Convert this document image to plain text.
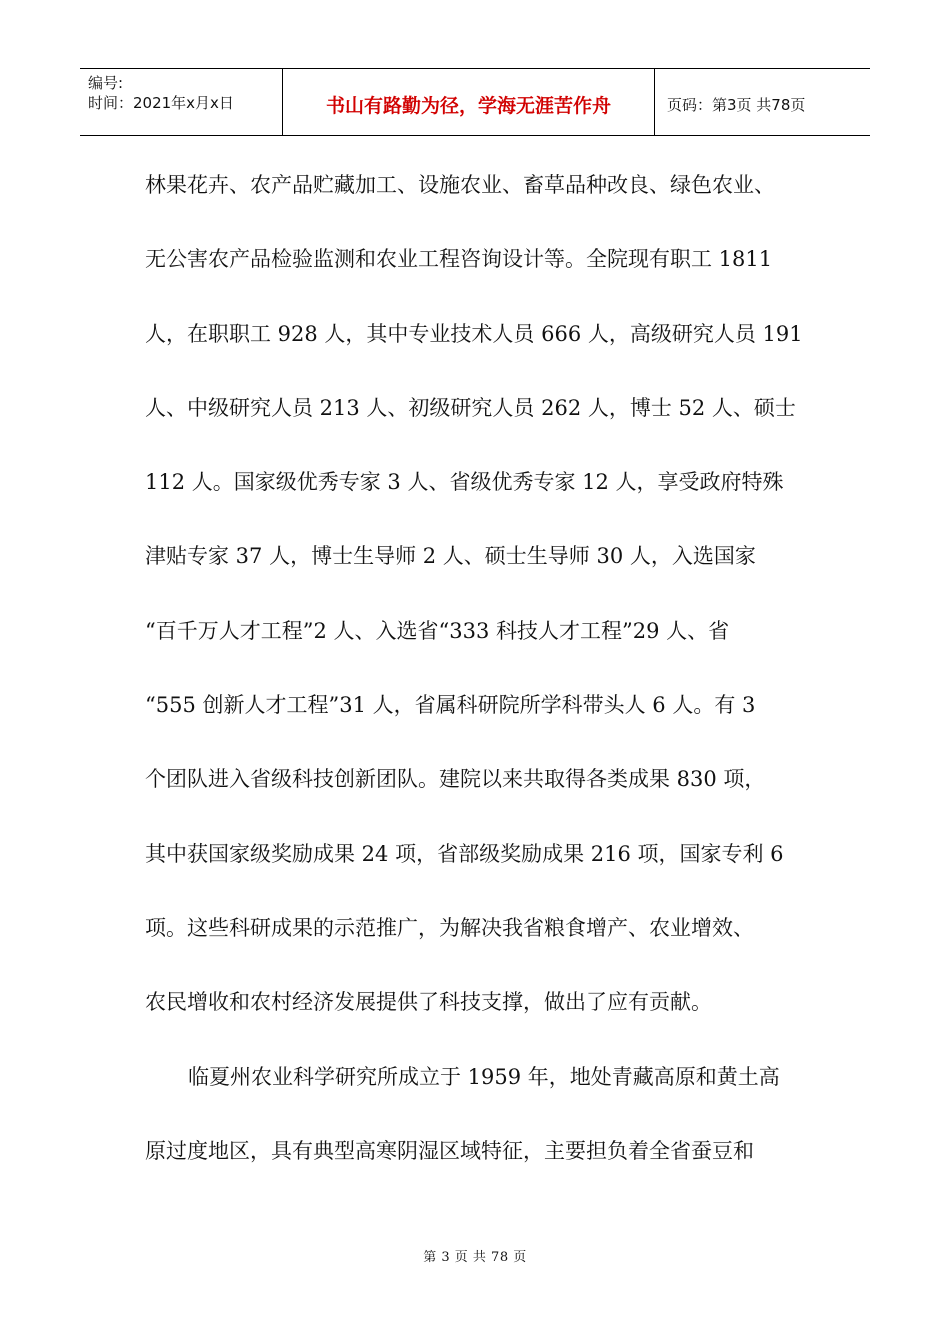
编号:
时间：2021年x月x日	书山有路勤为径，学海无涯苦作舟	页码：第3页 共78页
林果花卉、农产品贮藏加工、设施农业、畜草品种改良、绿色农业、
无公害农产品检验监测和农业工程咨询设计等。全院现有职工 1811
人，在职职工 928 人，其中专业技术人员 666 人，高级研究人员 191
人、中级研究人员 213 人、初级研究人员 262 人，博士 52 人、硕士
112 人。国家级优秀专家 3 人、省级优秀专家 12 人，享受政府特殊
津贴专家 37 人，博士生导师 2 人、硕士生导师 30 人，入选国家
“百千万人才工程”2 人、入选省“333 科技人才工程”29 人、省
“555 创新人才工程”31 人，省属科研院所学科带头人 6 人。有 3
个团队进入省级科技创新团队。建院以来共取得各类成果 830 项，
其中获国家级奖励成果 24 项，省部级奖励成果 216 项，国家专利 6
项。这些科研成果的示范推广，为解决我省粮食增产、农业增效、
农民增收和农村经济发展提供了科技支撑，做出了应有贡献。
临夏州农业科学研究所成立于 1959 年，地处青藏高原和黄土高
原过度地区，具有典型高寒阴湿区域特征，主要担负着全省蚕豆和
第 3 页 共 78 页
